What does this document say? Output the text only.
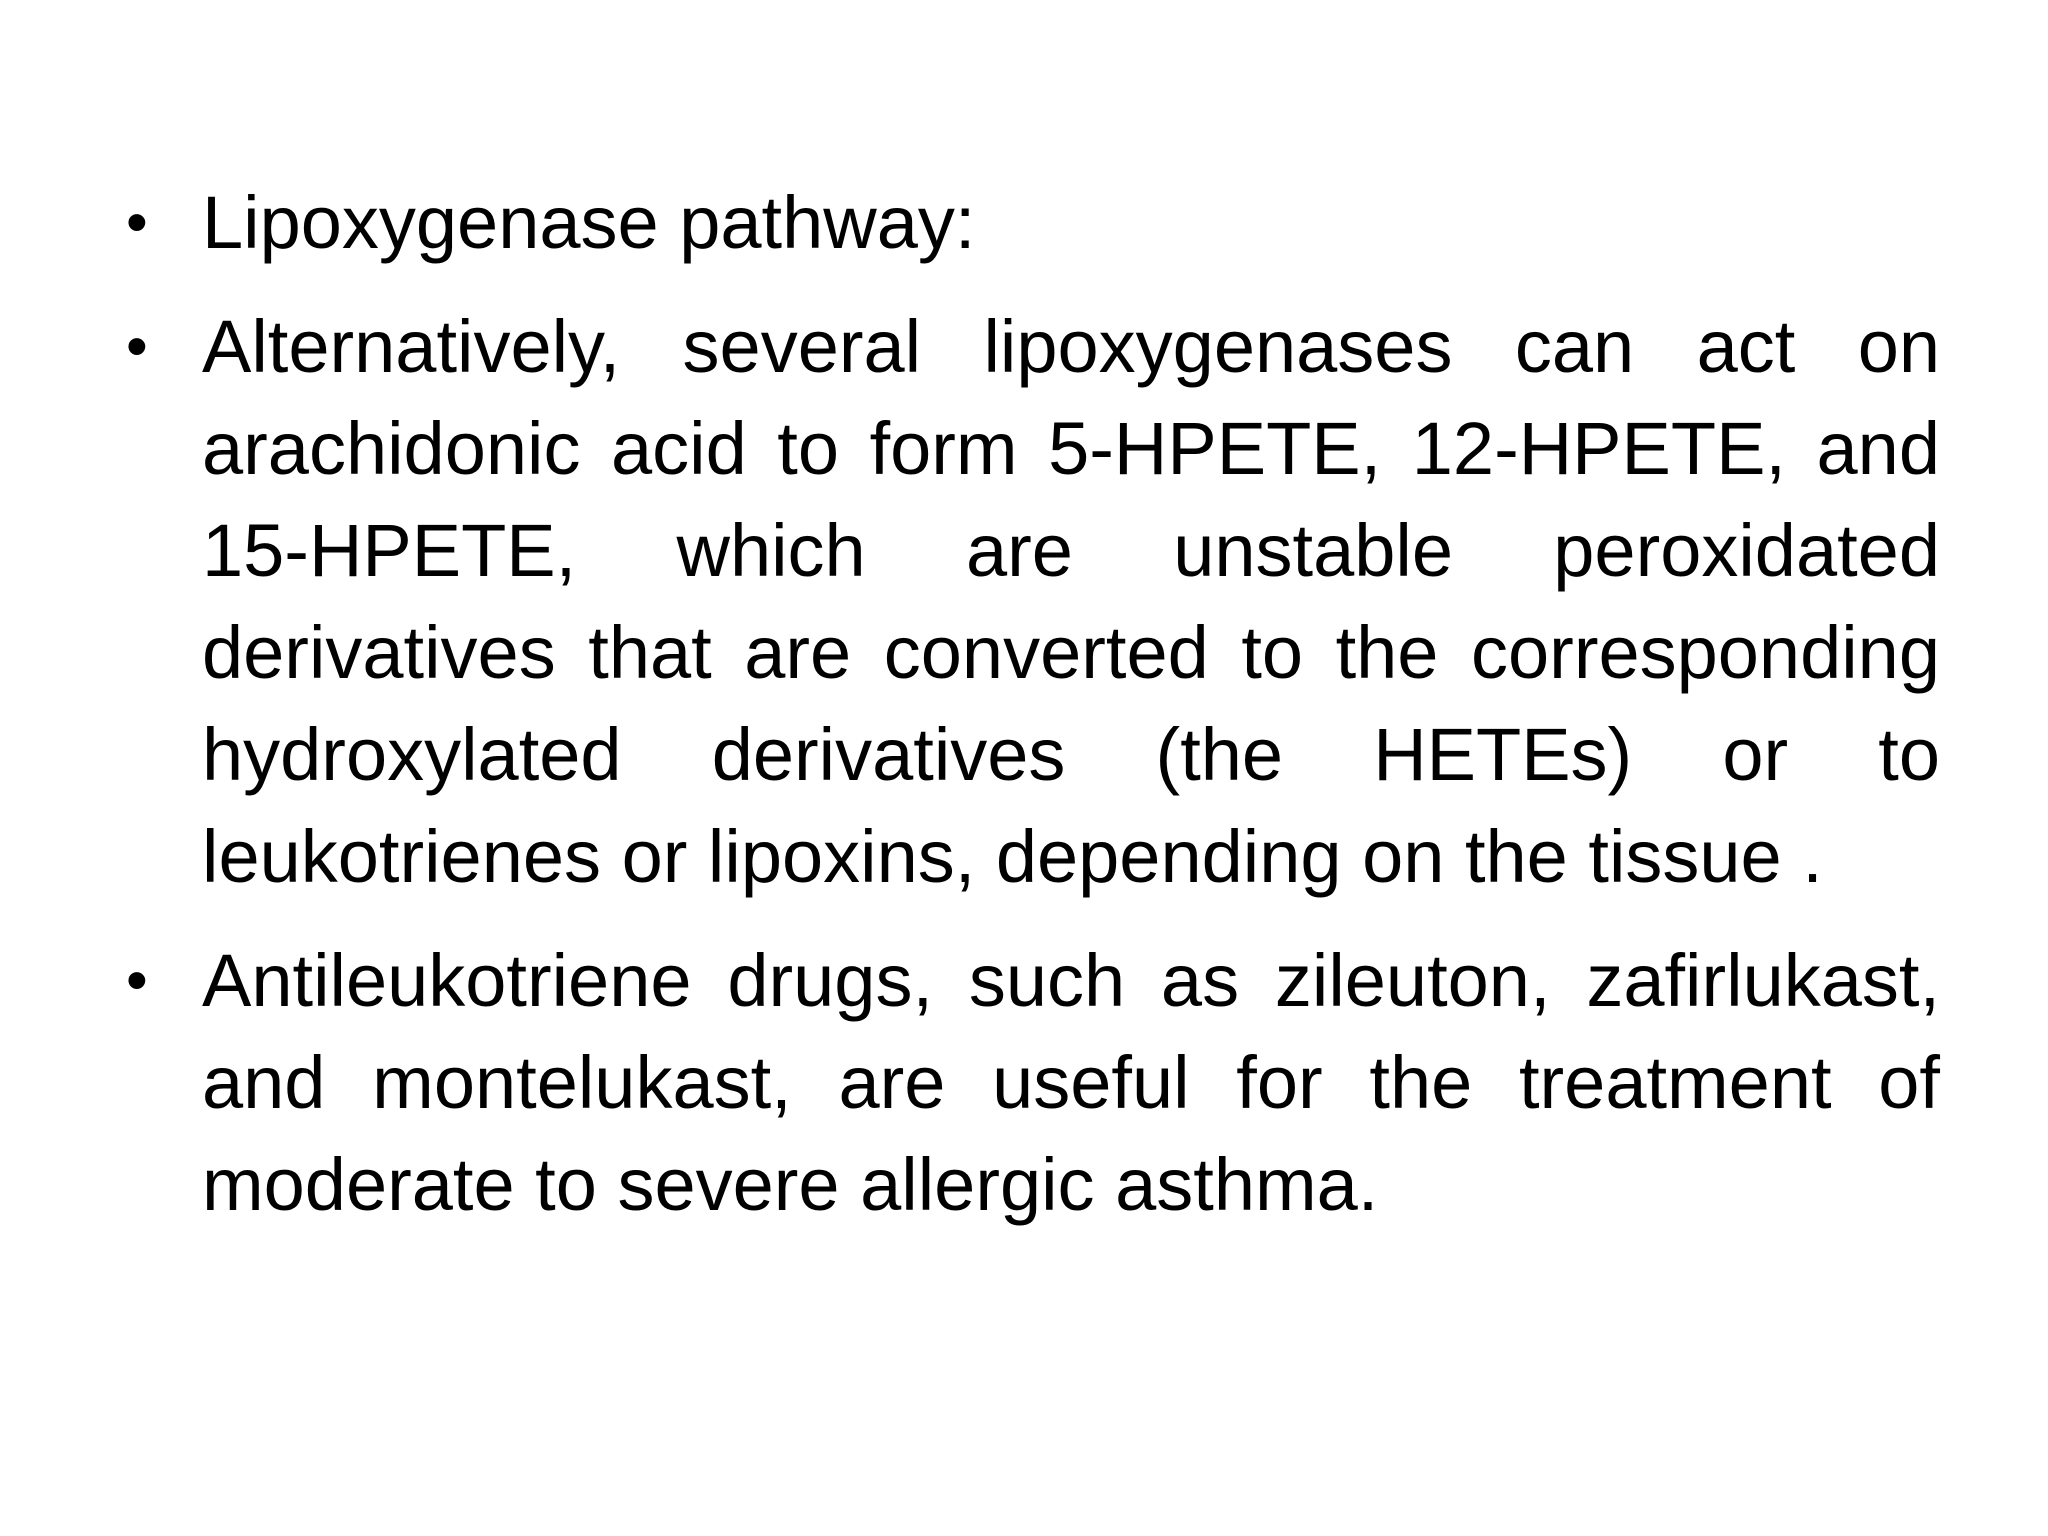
• Lipoxygenase pathway:
• Alternatively, several lipoxygenases can act on arachidonic acid to form 5-HPETE, 12-HPETE, and 15-HPETE, which are unstable peroxidated derivatives that are converted to the corresponding hydroxylated derivatives (the HETEs) or to leukotrienes or lipoxins, depending on the tissue .
• Antileukotriene drugs, such as zileuton, zafirlukast, and montelukast, are useful for the treatment of moderate to severe allergic asthma.
